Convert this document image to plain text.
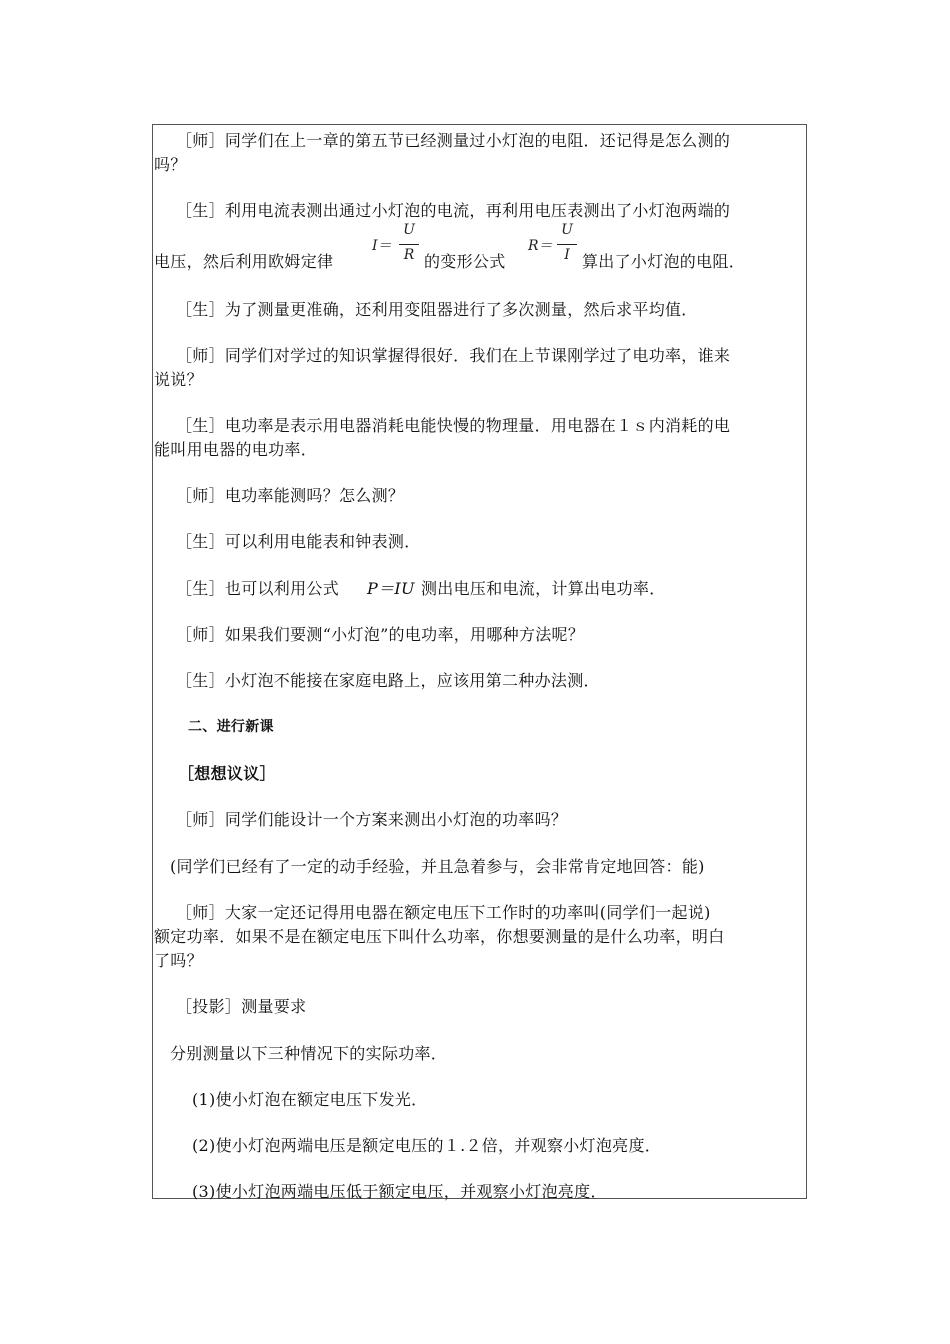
［师］同学们在上一章的第五节已经测量过小灯泡的电阻．还记得是怎么测的
吗？
［生］利用电流表测出通过小灯泡的电流，再利用电压表测出了小灯泡两端的
电压，然后利用欧姆定律
I＝
U
R 的变形公式
R＝
U
I 算出了小灯泡的电阻．
［生］为了测量更准确，还利用变阻器进行了多次测量，然后求平均值．
［师］同学们对学过的知识掌握得很好．我们在上节课刚学过了电功率，谁来
说说？
［生］电功率是表示用电器消耗电能快慢的物理量．用电器在１ｓ内消耗的电
能叫用电器的电功率．
［师］电功率能测吗？怎么测？
［生］可以利用电能表和钟表测．
［生］也可以利用公式 P＝IU 测出电压和电流，计算出电功率．
［师］如果我们要测“小灯泡”的电功率，用哪种方法呢？
［生］小灯泡不能接在家庭电路上，应该用第二种办法测．
二、进行新课
［想想议议］
［师］同学们能设计一个方案来测出小灯泡的功率吗？
(同学们已经有了一定的动手经验，并且急着参与，会非常肯定地回答：能)
［师］大家一定还记得用电器在额定电压下工作时的功率叫(同学们一起说)
额定功率．如果不是在额定电压下叫什么功率，你想要测量的是什么功率，明白
了吗？
［投影］测量要求
分别测量以下三种情况下的实际功率．
(1)使小灯泡在额定电压下发光．
(2)使小灯泡两端电压是额定电压的１.２倍，并观察小灯泡亮度．
(3)使小灯泡两端电压低于额定电压，并观察小灯泡亮度．
